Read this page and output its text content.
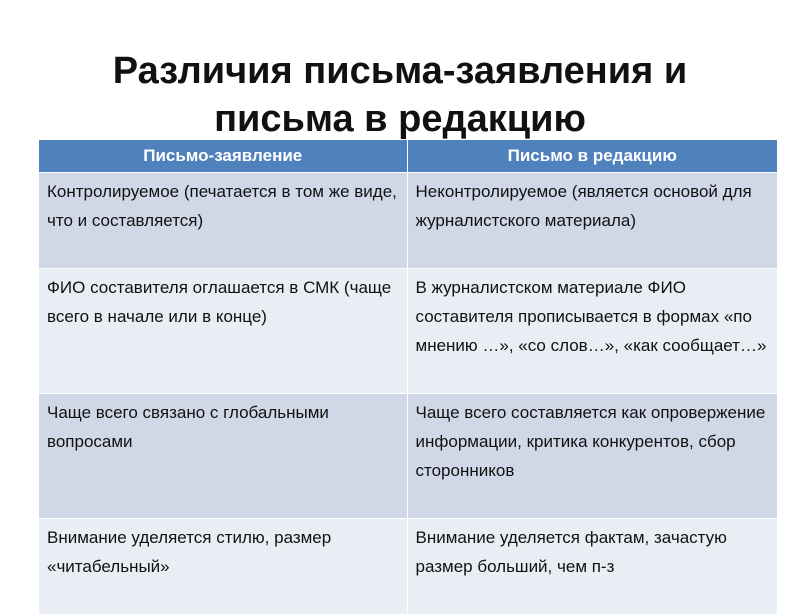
Различия письма-заявления и
письма в редакцию
Письмо-заявление	Письмо в редакцию
Контролируемое (печатается в том же виде, что и составляется)	Неконтролируемое (является основой для журналистского материала)
ФИО составителя оглашается в СМК (чаще всего в начале или в конце)	В журналистском материале ФИО составителя прописывается в формах «по мнению …», «со слов…», «как сообщает…»
Чаще всего связано с глобальными вопросами	Чаще всего составляется как опровержение информации, критика конкурентов, сбор сторонников
Внимание уделяется стилю, размер «читабельный»	Внимание уделяется фактам, зачастую размер больший, чем п-з
